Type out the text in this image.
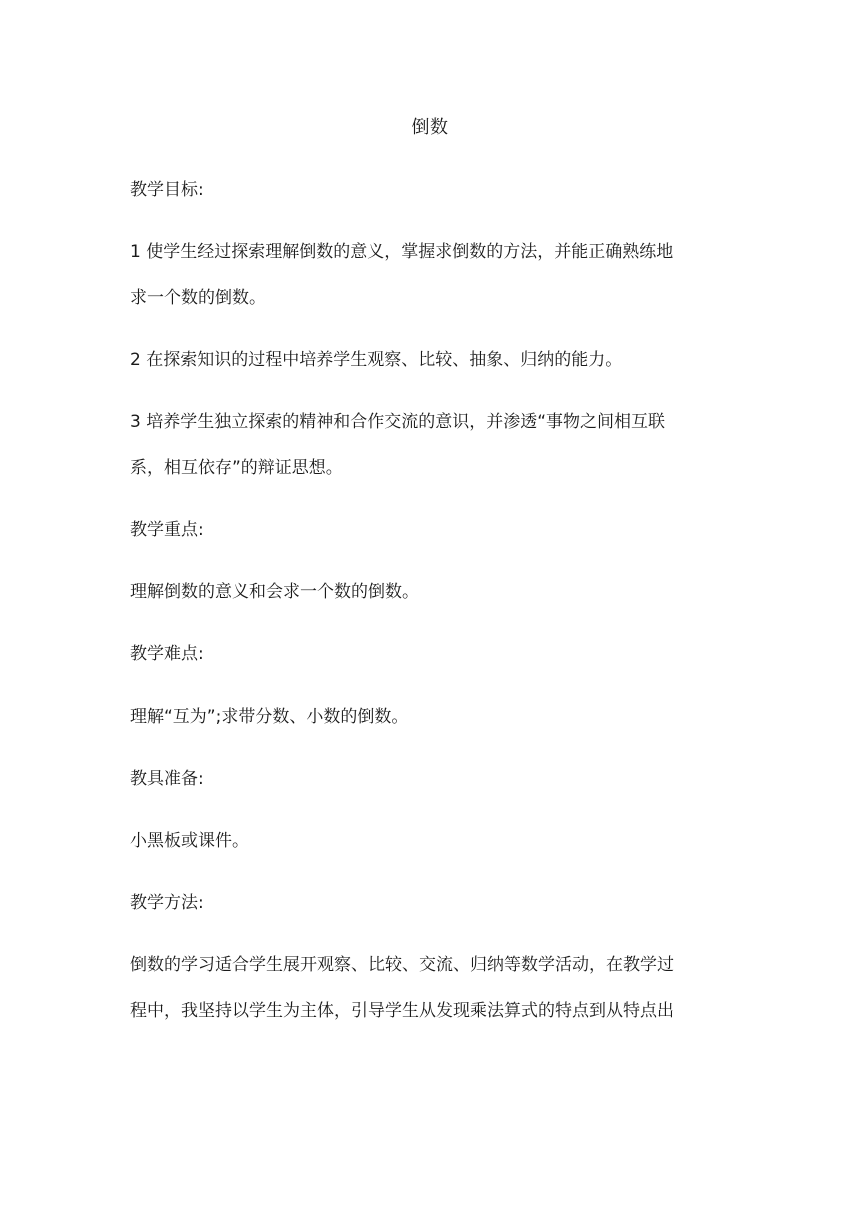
倒数
教学目标:
1 使学生经过探索理解倒数的意义，掌握求倒数的方法，并能正确熟练地
求一个数的倒数。
2 在探索知识的过程中培养学生观察、比较、抽象、归纳的能力。
3 培养学生独立探索的精神和合作交流的意识，并渗透“事物之间相互联
系，相互依存”的辩证思想。
教学重点:
理解倒数的意义和会求一个数的倒数。
教学难点:
理解“互为”;求带分数、小数的倒数。
教具准备:
小黑板或课件。
教学方法:
倒数的学习适合学生展开观察、比较、交流、归纳等数学活动，在教学过
程中，我坚持以学生为主体，引导学生从发现乘法算式的特点到从特点出
